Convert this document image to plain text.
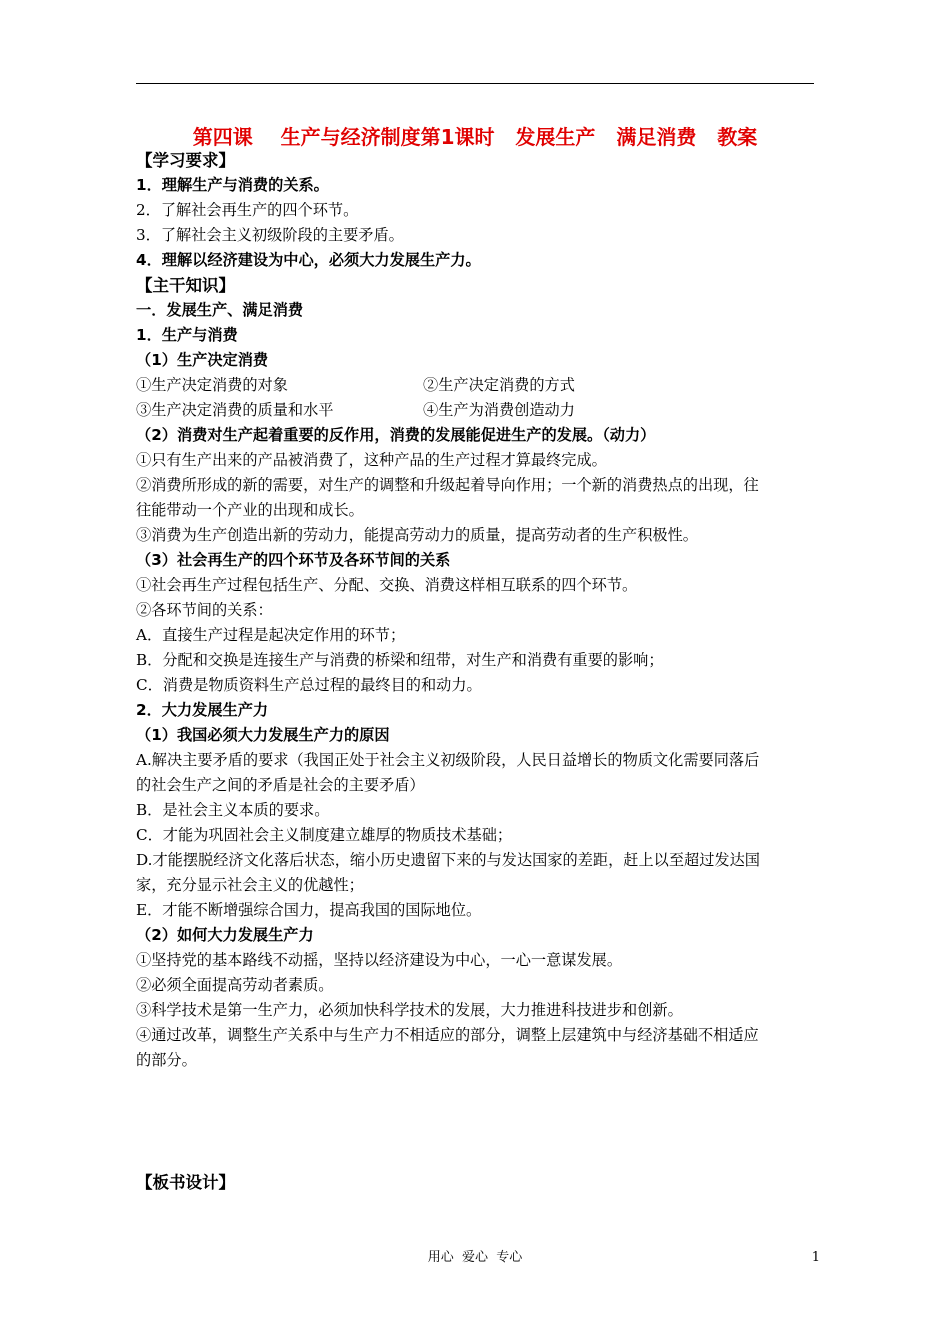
第四课    生产与经济制度第1课时   发展生产   满足消费   教案
【学习要求】
1．理解生产与消费的关系。
2．了解社会再生产的四个环节。
3．了解社会主义初级阶段的主要矛盾。
4．理解以经济建设为中心，必须大力发展生产力。
【主干知识】
一．发展生产、满足消费
1．生产与消费
（1）生产决定消费
①生产决定消费的对象	②生产决定消费的方式
③生产决定消费的质量和水平	④生产为消费创造动力
（2）消费对生产起着重要的反作用，消费的发展能促进生产的发展。（动力）
①只有生产出来的产品被消费了，这种产品的生产过程才算最终完成。
②消费所形成的新的需要，对生产的调整和升级起着导向作用；一个新的消费热点的出现，往
往能带动一个产业的出现和成长。
③消费为生产创造出新的劳动力，能提高劳动力的质量，提高劳动者的生产积极性。
（3）社会再生产的四个环节及各环节间的关系
①社会再生产过程包括生产、分配、交换、消费这样相互联系的四个环节。
②各环节间的关系：
A．直接生产过程是起决定作用的环节；
B．分配和交换是连接生产与消费的桥梁和纽带，对生产和消费有重要的影响；
C．消费是物质资料生产总过程的最终目的和动力。
2．大力发展生产力
（1）我国必须大力发展生产力的原因
A.解决主要矛盾的要求（我国正处于社会主义初级阶段，人民日益增长的物质文化需要同落后
的社会生产之间的矛盾是社会的主要矛盾）
B．是社会主义本质的要求。
C．才能为巩固社会主义制度建立雄厚的物质技术基础；
D.才能摆脱经济文化落后状态，缩小历史遗留下来的与发达国家的差距，赶上以至超过发达国
家，充分显示社会主义的优越性；
E．才能不断增强综合国力，提高我国的国际地位。
（2）如何大力发展生产力
①坚持党的基本路线不动摇，坚持以经济建设为中心，一心一意谋发展。
②必须全面提高劳动者素质。
③科学技术是第一生产力，必须加快科学技术的发展，大力推进科技进步和创新。
④通过改革，调整生产关系中与生产力不相适应的部分，调整上层建筑中与经济基础不相适应
的部分。
【板书设计】
用心  爱心  专心	1
